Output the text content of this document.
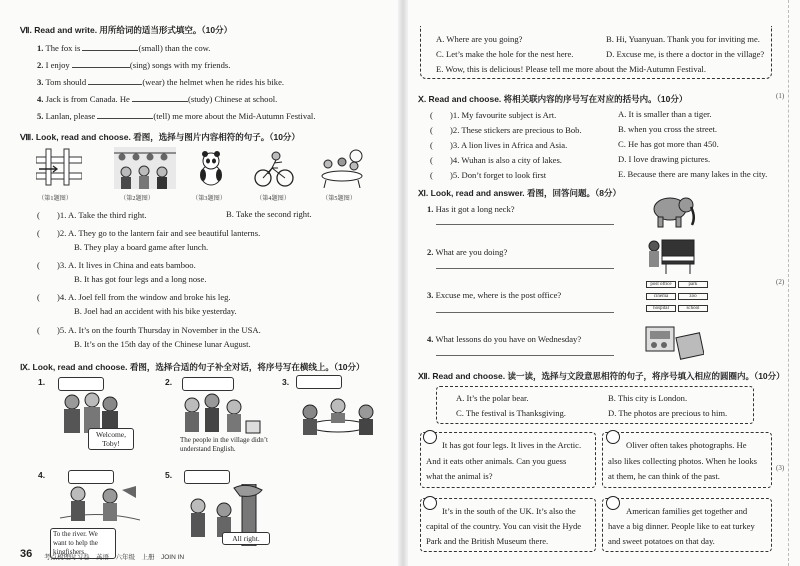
Ⅶ. Read and write. 用所给词的适当形式填空。（10分）
1. The fox is	(small) than the cow.
2. I enjoy	(sing) songs with my friends.
3. Tom should	(wear) the helmet when he rides his bike.
4. Jack is from Canada. He	(study) Chinese at school.
5. Lanlan, please	(tell) me more about the Mid-Autumn Festival.
Ⅷ. Look, read and choose. 看图，选择与图片内容相符的句子。（10分）
（第1题图）	（第2题图）	（第3题图）	（第4题图）	（第5题图）
(　　)1. A. Take the third right.	B. Take the second right.
(　　)2. A. They go to the lantern fair and see beautiful lanterns.
B. They play a board game after lunch.
(　　)3. A. It lives in China and eats bamboo.
B. It has got four legs and a long nose.
(　　)4. A. Joel fell from the window and broke his leg.
B. Joel had an accident with his bike yesterday.
(　　)5. A. It’s on the fourth Thursday in November in the USA.
B. It’s on the 15th day of the Chinese lunar August.
Ⅸ. Look, read and choose. 看图，选择合适的句子补全对话，将序号写在横线上。（10分）
1.	2.	3.
4.	5.
Welcome, Toby!	The people in the village didn’t understand English.
To the river. We want to help the kingfishers.
All right.
36 考点梳理时习卷　英语　六年级　上册　JOIN IN
A. Where are you going?	B. Hi, Yuanyuan. Thank you for inviting me.
C. Let’s make the hole for the nest here.	D. Excuse me, is there a doctor in the village?
E. Wow, this is delicious! Please tell me more about the Mid-Autumn Festival.
Ⅹ. Read and choose. 将相关联内容的序号写在对应的括号内。（10分）
(　　)1. My favourite subject is Art.
(　　)2. These stickers are precious to Bob.
(　　)3. A lion lives in Africa and Asia.
(　　)4. Wuhan is also a city of lakes.
(　　)5. Don’t forget to look first
A. It is smaller than a tiger.
B. when you cross the street.
C. He has got more than 450.
D. I love drawing pictures.
E. Because there are many lakes in the city.
Ⅺ. Look, read and answer. 看图，回答问题。（8分）
1. Has it got a long neck?
2. What are you doing?
3. Excuse me, where is the post office?
post office	park
cinema	zoo
hospital	school
4. What lessons do you have on Wednesday?
Ⅻ. Read and choose. 读一读，选择与文段意思相符的句子，将序号填入相应的圆圈内。（10分）
A. It’s the polar bear.	B. This city is London.
C. The festival is Thanksgiving.	D. The photos are precious to him.
It has got four legs. It lives in the Arctic.
And it eats other animals. Can you guess
what the animal is?
Oliver often takes photographs. He
also likes collecting photos. When he looks
at them, he can think of the past.
It’s in the south of the UK. It’s also the
capital of the country. You can visit the Hyde
Park and the British Museum there.
American families get together and
have a big dinner. People like to eat turkey
and sweet potatoes on that day.
(1)
(2)
(3)
